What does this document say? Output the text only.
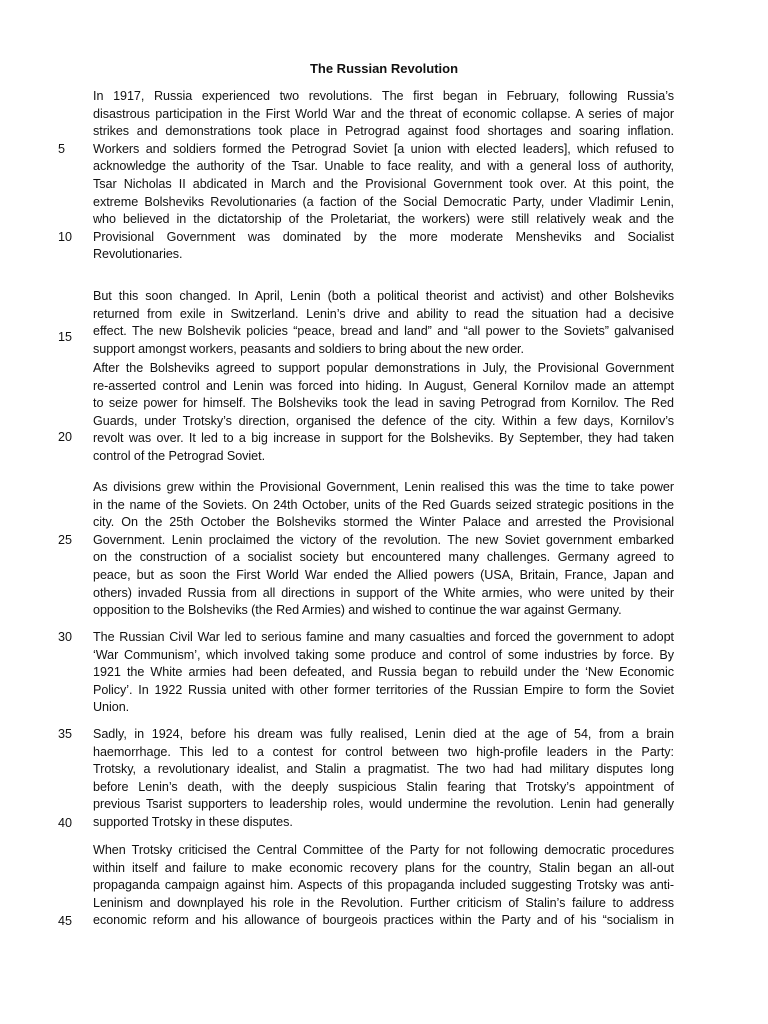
The Russian Revolution
In 1917, Russia experienced two revolutions. The first began in February, following Russia’s
disastrous participation in the First World War and the threat of economic collapse. A series of major
strikes and demonstrations took place in Petrograd against food shortages and soaring inflation.
Workers and soldiers formed the Petrograd Soviet [a union with elected leaders], which refused to
acknowledge the authority of the Tsar. Unable to face reality, and with a general loss of authority,
Tsar Nicholas II abdicated in March and the Provisional Government took over. At this point, the
extreme Bolsheviks Revolutionaries (a faction of the Social Democratic Party, under Vladimir Lenin,
who believed in the dictatorship of the Proletariat, the workers) were still relatively weak and the
Provisional Government was dominated by the more moderate Mensheviks and Socialist
Revolutionaries.
But this soon changed. In April, Lenin (both a political theorist and activist) and other Bolsheviks
returned from exile in Switzerland. Lenin’s drive and ability to read the situation had a decisive
effect. The new Bolshevik policies “peace, bread and land” and “all power to the Soviets” galvanised
support amongst workers, peasants and soldiers to bring about the new order.
After the Bolsheviks agreed to support popular demonstrations in July, the Provisional Government
re-asserted control and Lenin was forced into hiding. In August, General Kornilov made an attempt
to seize power for himself. The Bolsheviks took the lead in saving Petrograd from Kornilov. The Red
Guards, under Trotsky’s direction, organised the defence of the city. Within a few days, Kornilov’s
revolt was over. It led to a big increase in support for the Bolsheviks. By September, they had taken
control of the Petrograd Soviet.
As divisions grew within the Provisional Government, Lenin realised this was the time to take power
in the name of the Soviets. On 24th October, units of the Red Guards seized strategic positions in the
city. On the 25th October the Bolsheviks stormed the Winter Palace and arrested the Provisional
Government. Lenin proclaimed the victory of the revolution. The new Soviet government embarked
on the construction of a socialist society but encountered many challenges. Germany agreed to
peace, but as soon the First World War ended the Allied powers (USA, Britain, France, Japan and
others) invaded Russia from all directions in support of the White armies, who were united by their
opposition to the Bolsheviks (the Red Armies) and wished to continue the war against Germany.
The Russian Civil War led to serious famine and many casualties and forced the government to adopt
‘War Communism’, which involved taking some produce and control of some industries by force. By
1921 the White armies had been defeated, and Russia began to rebuild under the ‘New Economic
Policy’. In 1922 Russia united with other former territories of the Russian Empire to form the Soviet
Union.
Sadly, in 1924, before his dream was fully realised, Lenin died at the age of 54, from a brain
haemorrhage. This led to a contest for control between two high-profile leaders in the Party:
Trotsky, a revolutionary idealist, and Stalin a pragmatist. The two had had military disputes long
before Lenin’s death, with the deeply suspicious Stalin fearing that Trotsky’s appointment of
previous Tsarist supporters to leadership roles, would undermine the revolution. Lenin had generally
supported Trotsky in these disputes.
When Trotsky criticised the Central Committee of the Party for not following democratic procedures
within itself and failure to make economic recovery plans for the country, Stalin began an all-out
propaganda campaign against him. Aspects of this propaganda included suggesting Trotsky was anti-
Leninism and downplayed his role in the Revolution. Further criticism of Stalin’s failure to address
economic reform and his allowance of bourgeois practices within the Party and of his “socialism in
5
10
15
20
25
30
35
40
45
